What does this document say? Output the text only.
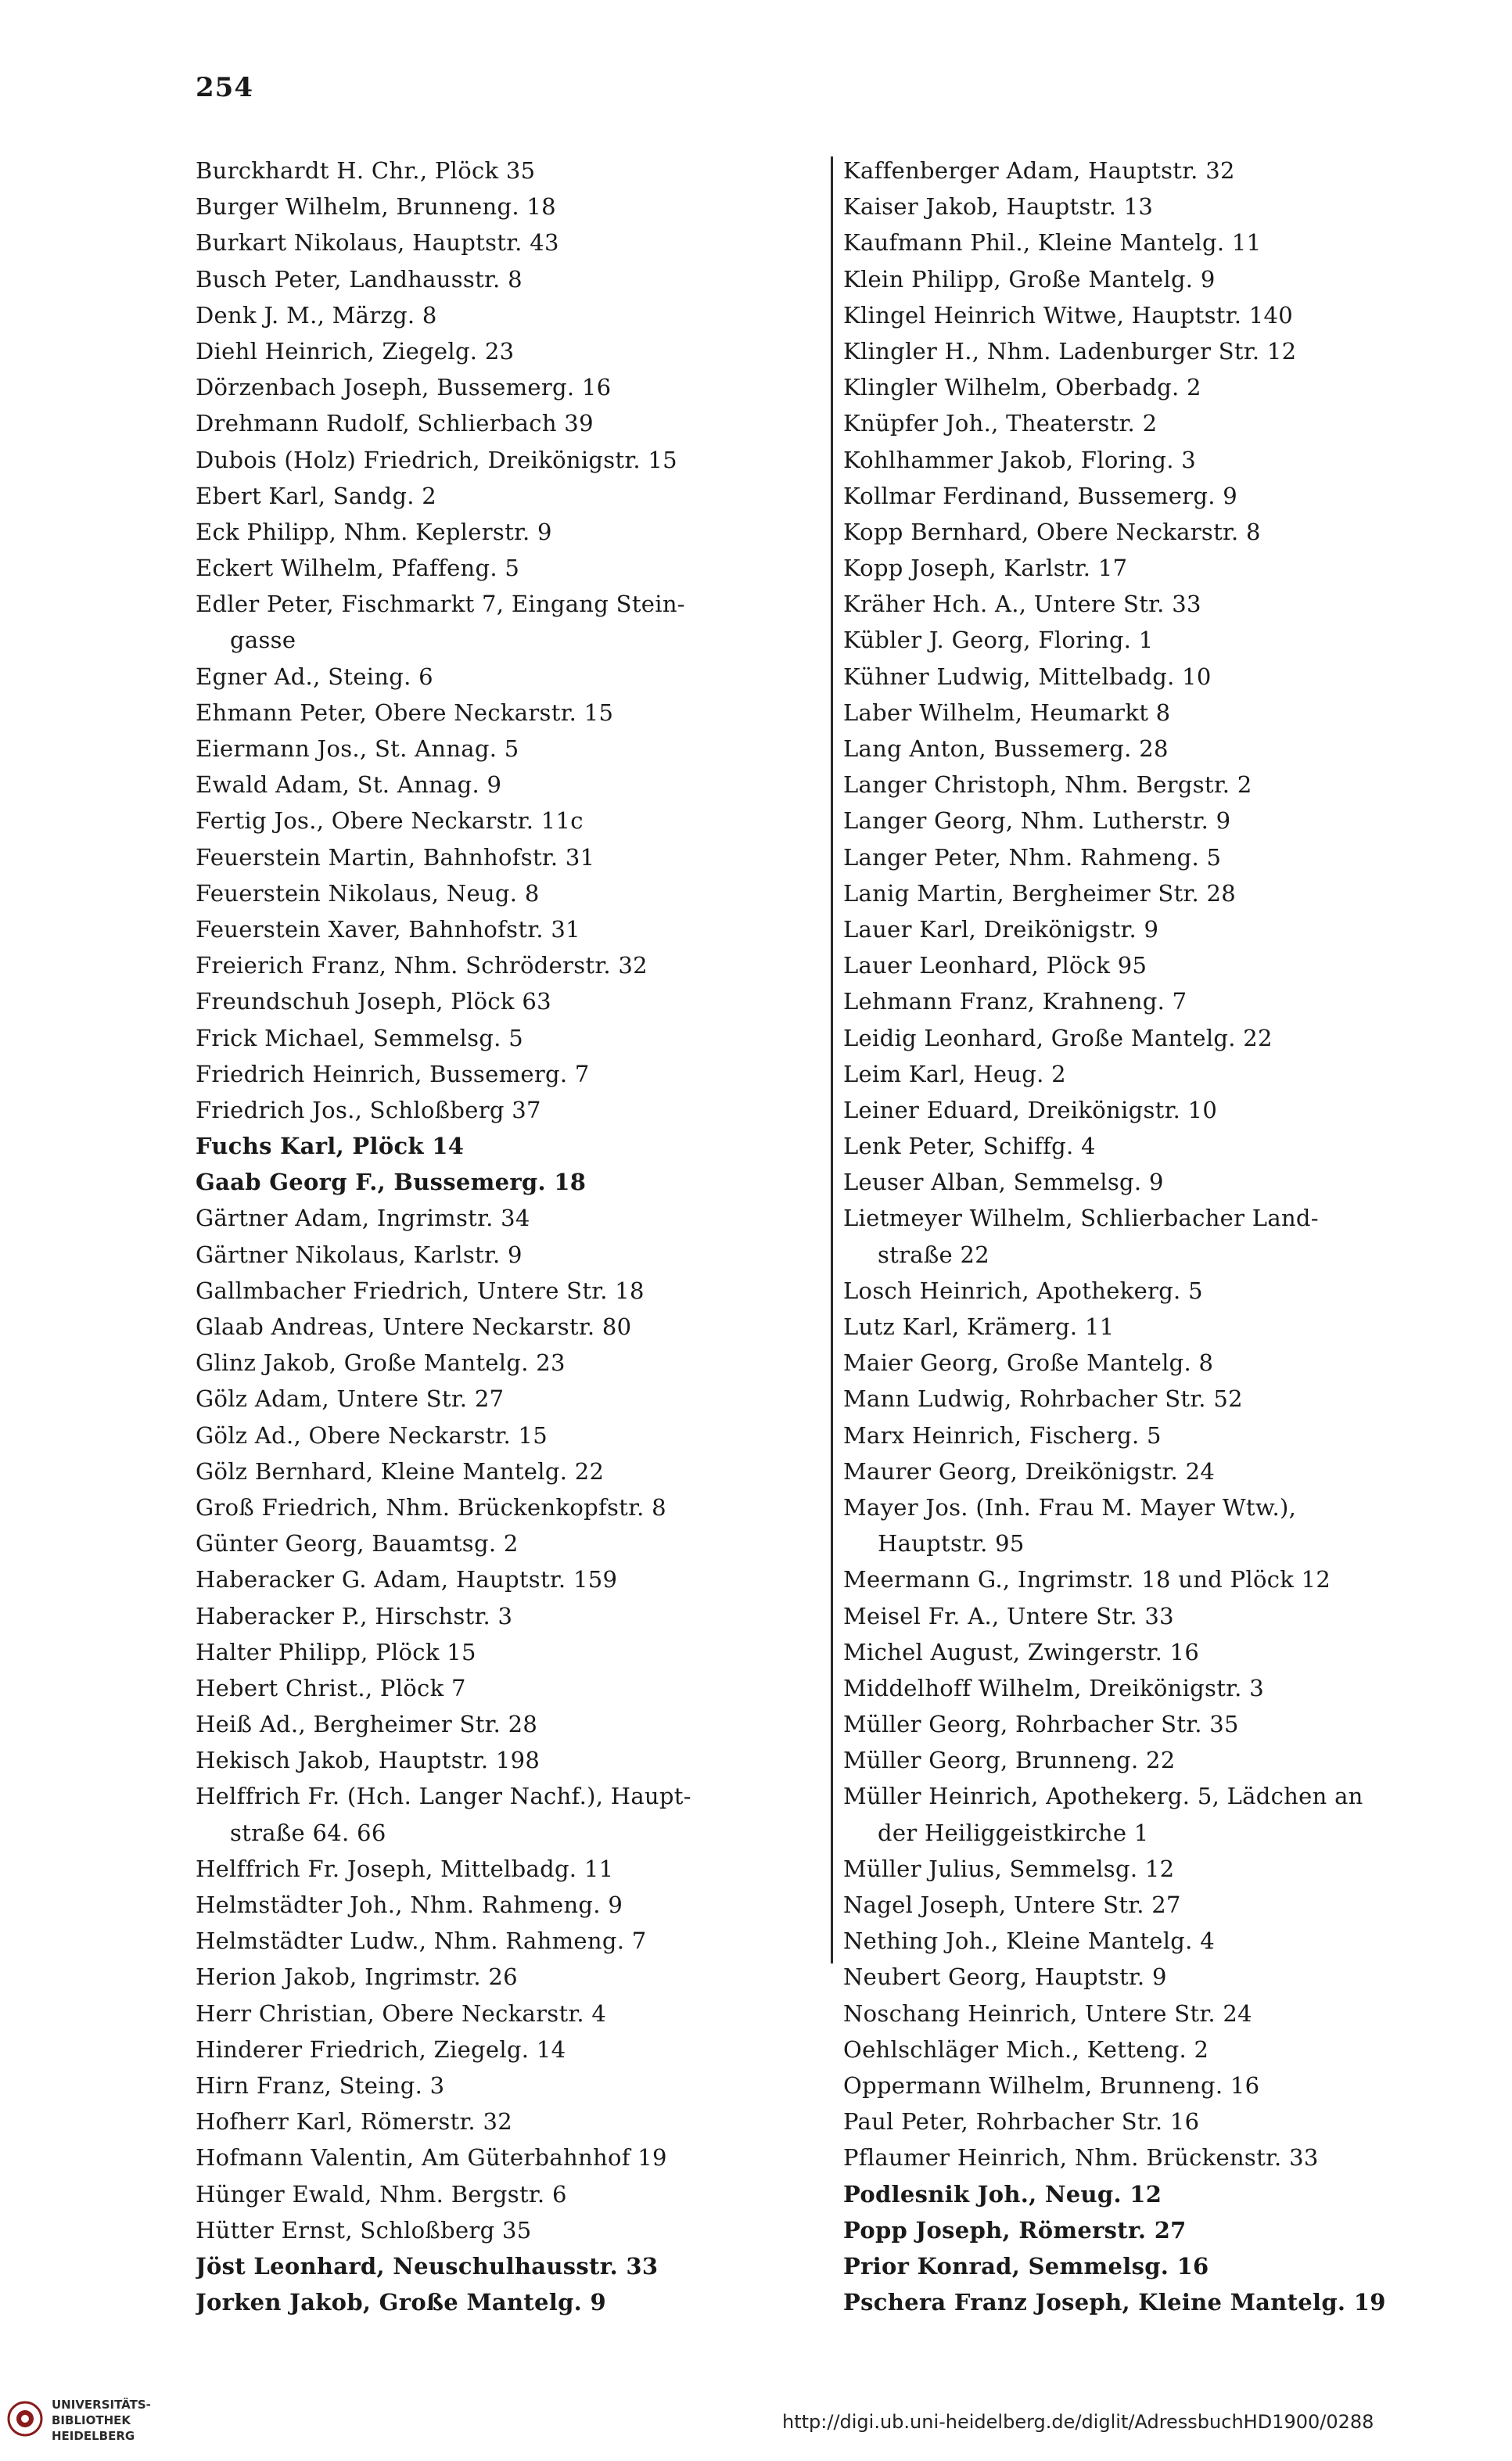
254
Burckhardt H. Chr., Plöck 35
Burger Wilhelm, Brunneng. 18
Burkart Nikolaus, Hauptstr. 43
Busch Peter, Landhausstr. 8
Denk J. M., Märzg. 8
Diehl Heinrich, Ziegelg. 23
Dörzenbach Joseph, Bussemerg. 16
Drehmann Rudolf, Schlierbach 39
Dubois (Holz) Friedrich, Dreikönigstr. 15
Ebert Karl, Sandg. 2
Eck Philipp, Nhm. Keplerstr. 9
Eckert Wilhelm, Pfaffeng. 5
Edler Peter, Fischmarkt 7, Eingang Stein-
gasse
Egner Ad., Steing. 6
Ehmann Peter, Obere Neckarstr. 15
Eiermann Jos., St. Annag. 5
Ewald Adam, St. Annag. 9
Fertig Jos., Obere Neckarstr. 11c
Feuerstein Martin, Bahnhofstr. 31
Feuerstein Nikolaus, Neug. 8
Feuerstein Xaver, Bahnhofstr. 31
Freierich Franz, Nhm. Schröderstr. 32
Freundschuh Joseph, Plöck 63
Frick Michael, Semmelsg. 5
Friedrich Heinrich, Bussemerg. 7
Friedrich Jos., Schloßberg 37
Fuchs Karl, Plöck 14
Gaab Georg F., Bussemerg. 18
Gärtner Adam, Ingrimstr. 34
Gärtner Nikolaus, Karlstr. 9
Gallmbacher Friedrich, Untere Str. 18
Glaab Andreas, Untere Neckarstr. 80
Glinz Jakob, Große Mantelg. 23
Gölz Adam, Untere Str. 27
Gölz Ad., Obere Neckarstr. 15
Gölz Bernhard, Kleine Mantelg. 22
Groß Friedrich, Nhm. Brückenkopfstr. 8
Günter Georg, Bauamtsg. 2
Haberacker G. Adam, Hauptstr. 159
Haberacker P., Hirschstr. 3
Halter Philipp, Plöck 15
Hebert Christ., Plöck 7
Heiß Ad., Bergheimer Str. 28
Hekisch Jakob, Hauptstr. 198
Helffrich Fr. (Hch. Langer Nachf.), Haupt-
straße 64. 66
Helffrich Fr. Joseph, Mittelbadg. 11
Helmstädter Joh., Nhm. Rahmeng. 9
Helmstädter Ludw., Nhm. Rahmeng. 7
Herion Jakob, Ingrimstr. 26
Herr Christian, Obere Neckarstr. 4
Hinderer Friedrich, Ziegelg. 14
Hirn Franz, Steing. 3
Hofherr Karl, Römerstr. 32
Hofmann Valentin, Am Güterbahnhof 19
Hünger Ewald, Nhm. Bergstr. 6
Hütter Ernst, Schloßberg 35
Jöst Leonhard, Neuschulhausstr. 33
Jorken Jakob, Große Mantelg. 9
Kaffenberger Adam, Hauptstr. 32
Kaiser Jakob, Hauptstr. 13
Kaufmann Phil., Kleine Mantelg. 11
Klein Philipp, Große Mantelg. 9
Klingel Heinrich Witwe, Hauptstr. 140
Klingler H., Nhm. Ladenburger Str. 12
Klingler Wilhelm, Oberbadg. 2
Knüpfer Joh., Theaterstr. 2
Kohlhammer Jakob, Floring. 3
Kollmar Ferdinand, Bussemerg. 9
Kopp Bernhard, Obere Neckarstr. 8
Kopp Joseph, Karlstr. 17
Kräher Hch. A., Untere Str. 33
Kübler J. Georg, Floring. 1
Kühner Ludwig, Mittelbadg. 10
Laber Wilhelm, Heumarkt 8
Lang Anton, Bussemerg. 28
Langer Christoph, Nhm. Bergstr. 2
Langer Georg, Nhm. Lutherstr. 9
Langer Peter, Nhm. Rahmeng. 5
Lanig Martin, Bergheimer Str. 28
Lauer Karl, Dreikönigstr. 9
Lauer Leonhard, Plöck 95
Lehmann Franz, Krahneng. 7
Leidig Leonhard, Große Mantelg. 22
Leim Karl, Heug. 2
Leiner Eduard, Dreikönigstr. 10
Lenk Peter, Schiffg. 4
Leuser Alban, Semmelsg. 9
Lietmeyer Wilhelm, Schlierbacher Land-
straße 22
Losch Heinrich, Apothekerg. 5
Lutz Karl, Krämerg. 11
Maier Georg, Große Mantelg. 8
Mann Ludwig, Rohrbacher Str. 52
Marx Heinrich, Fischerg. 5
Maurer Georg, Dreikönigstr. 24
Mayer Jos. (Inh. Frau M. Mayer Wtw.),
Hauptstr. 95
Meermann G., Ingrimstr. 18 und Plöck 12
Meisel Fr. A., Untere Str. 33
Michel August, Zwingerstr. 16
Middelhoff Wilhelm, Dreikönigstr. 3
Müller Georg, Rohrbacher Str. 35
Müller Georg, Brunneng. 22
Müller Heinrich, Apothekerg. 5, Lädchen an
der Heiliggeistkirche 1
Müller Julius, Semmelsg. 12
Nagel Joseph, Untere Str. 27
Nething Joh., Kleine Mantelg. 4
Neubert Georg, Hauptstr. 9
Noschang Heinrich, Untere Str. 24
Oehlschläger Mich., Ketteng. 2
Oppermann Wilhelm, Brunneng. 16
Paul Peter, Rohrbacher Str. 16
Pflaumer Heinrich, Nhm. Brückenstr. 33
Podlesnik Joh., Neug. 12
Popp Joseph, Römerstr. 27
Prior Konrad, Semmelsg. 16
Pschera Franz Joseph, Kleine Mantelg. 19
UNIVERSITÄTS-
BIBLIOTHEK
HEIDELBERG
http://digi.ub.uni-heidelberg.de/diglit/AdressbuchHD1900/0288
